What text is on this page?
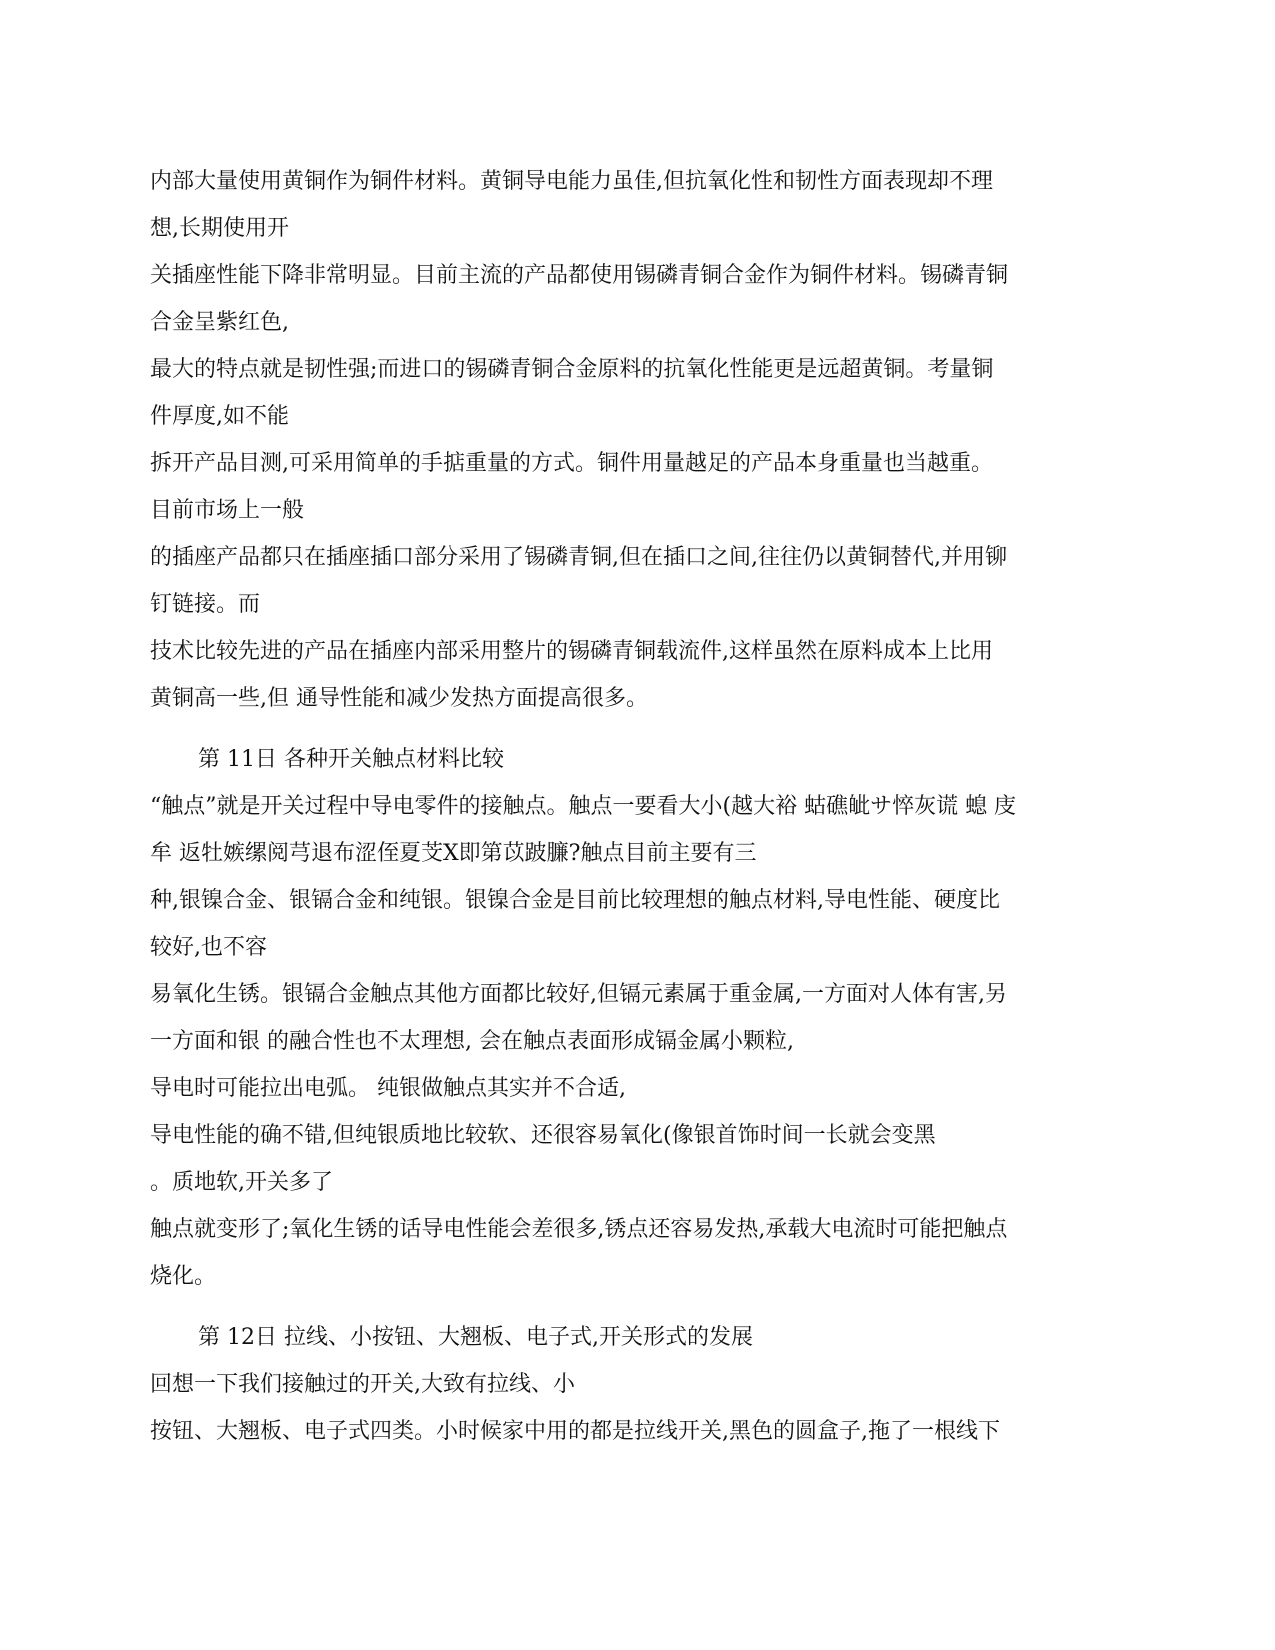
内部大量使用黄铜作为铜件材料。黄铜导电能力虽佳,但抗氧化性和韧性方面表现却不理
想,长期使用开
关插座性能下降非常明显。目前主流的产品都使用锡磷青铜合金作为铜件材料。锡磷青铜
合金呈紫红色,
最大的特点就是韧性强;而进口的锡磷青铜合金原料的抗氧化性能更是远超黄铜。考量铜
件厚度,如不能
拆开产品目测,可采用简单的手掂重量的方式。铜件用量越足的产品本身重量也当越重。
目前市场上一般
的插座产品都只在插座插口部分采用了锡磷青铜,但在插口之间,往往仍以黄铜替代,并用铆
钉链接。而
技术比较先进的产品在插座内部采用整片的锡磷青铜载流件,这样虽然在原料成本上比用
黄铜高一些,但 通导性能和减少发热方面提高很多。
第 11日 各种开关触点材料比较
“触点”就是开关过程中导电零件的接触点。触点一要看大小(越大裕 蛄礁皉サ悴灰谎 螅 庋
牟 返牡嫉缧阅芎退布涩侄夏芠X即第苡跛臁?触点目前主要有三
种,银镍合金、银镉合金和纯银。银镍合金是目前比较理想的触点材料,导电性能、硬度比
较好,也不容
易氧化生锈。银镉合金触点其他方面都比较好,但镉元素属于重金属,一方面对人体有害,另
一方面和银 的融合性也不太理想, 会在触点表面形成镉金属小颗粒,
导电时可能拉出电弧。 纯银做触点其实并不合适,
导电性能的确不错,但纯银质地比较软、还很容易氧化(像银首饰时间一长就会变黑
。质地软,开关多了
触点就变形了;氧化生锈的话导电性能会差很多,锈点还容易发热,承载大电流时可能把触点
烧化。
第 12日 拉线、小按钮、大翘板、电子式,开关形式的发展
回想一下我们接触过的开关,大致有拉线、小
按钮、大翘板、电子式四类。小时候家中用的都是拉线开关,黑色的圆盒子,拖了一根线下
